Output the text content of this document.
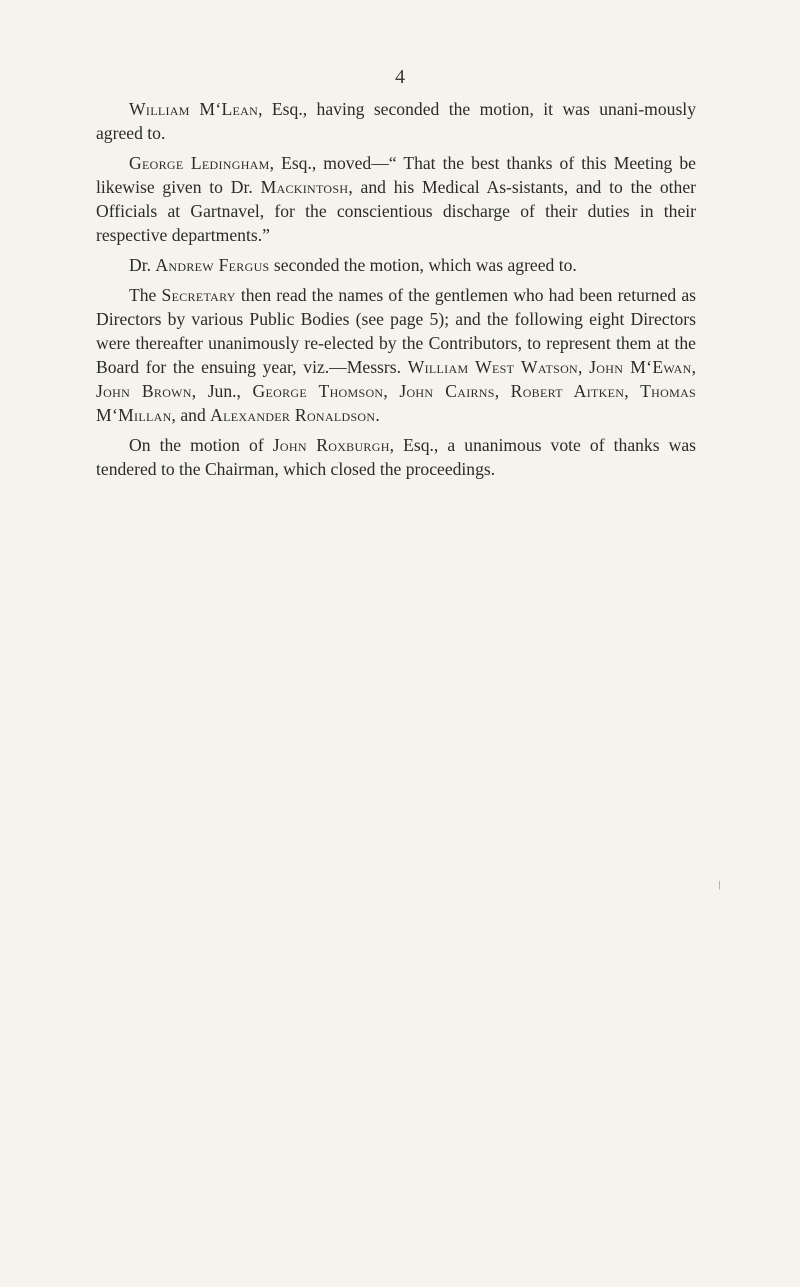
4

William M‘Lean, Esq., having seconded the motion, it was unani-mously agreed to.

George Ledingham, Esq., moved—“ That the best thanks of this Meeting be likewise given to Dr. Mackintosh, and his Medical As-sistants, and to the other Officials at Gartnavel, for the conscientious discharge of their duties in their respective departments.”

Dr. Andrew Fergus seconded the motion, which was agreed to.

The Secretary then read the names of the gentlemen who had been returned as Directors by various Public Bodies (see page 5); and the following eight Directors were thereafter unanimously re-elected by the Contributors, to represent them at the Board for the ensuing year, viz.—Messrs. William West Watson, John M‘Ewan, John Brown, Jun., George Thomson, John Cairns, Robert Aitken, Thomas M‘Millan, and Alexander Ronaldson.

On the motion of John Roxburgh, Esq., a unanimous vote of thanks was tendered to the Chairman, which closed the proceedings.

/
